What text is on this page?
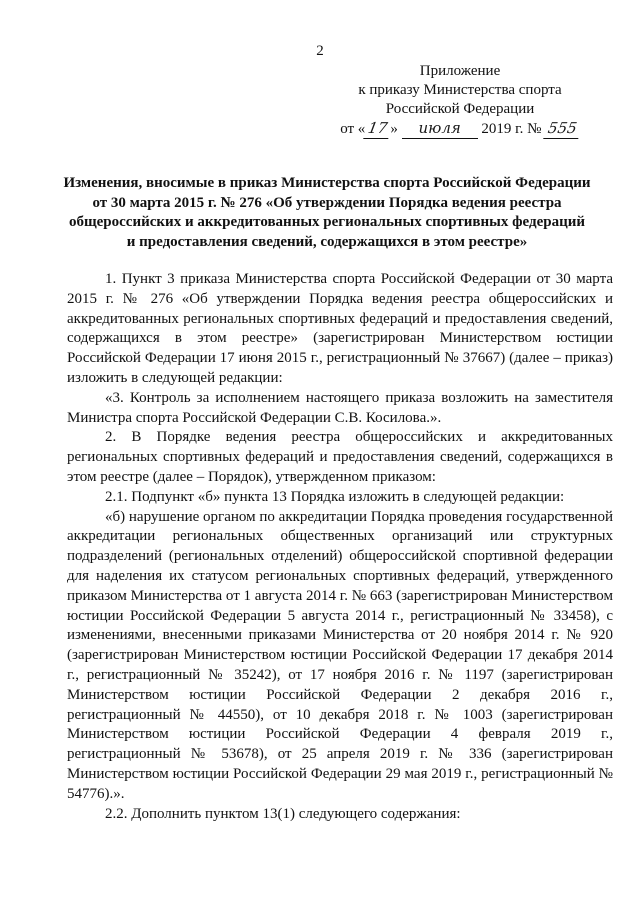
2
Приложение
к приказу Министерства спорта
Российской Федерации
от « 17» июля 2019 г. № 555
Изменения, вносимые в приказ Министерства спорта Российской Федерации
от 30 марта 2015 г. № 276 «Об утверждении Порядка ведения реестра
общероссийских и аккредитованных региональных спортивных федераций
и предоставления сведений, содержащихся в этом реестре»

1. Пункт 3 приказа Министерства спорта Российской Федерации от 30 марта 2015 г. № 276 «Об утверждении Порядка ведения реестра общероссийских и аккредитованных региональных спортивных федераций и предоставления сведений, содержащихся в этом реестре» (зарегистрирован Министерством юстиции Российской Федерации 17 июня 2015 г., регистрационный № 37667) (далее – приказ) изложить в следующей редакции:

«3. Контроль за исполнением настоящего приказа возложить на заместителя Министра спорта Российской Федерации С.В. Косилова.».

2. В Порядке ведения реестра общероссийских и аккредитованных региональных спортивных федераций и предоставления сведений, содержащихся в этом реестре (далее – Порядок), утвержденном приказом:

2.1. Подпункт «б» пункта 13 Порядка изложить в следующей редакции:

«б) нарушение органом по аккредитации Порядка проведения государственной аккредитации региональных общественных организаций или структурных подразделений (региональных отделений) общероссийской спортивной федерации для наделения их статусом региональных спортивных федераций, утвержденного приказом Министерства от 1 августа 2014 г. № 663 (зарегистрирован Министерством юстиции Российской Федерации 5 августа 2014 г., регистрационный № 33458), с изменениями, внесенными приказами Министерства от 20 ноября 2014 г. № 920 (зарегистрирован Министерством юстиции Российской Федерации 17 декабря 2014 г., регистрационный № 35242), от 17 ноября 2016 г. № 1197 (зарегистрирован Министерством юстиции Российской Федерации 2 декабря 2016 г., регистрационный № 44550), от 10 декабря 2018 г. № 1003 (зарегистрирован Министерством юстиции Российской Федерации 4 февраля 2019 г., регистрационный № 53678), от 25 апреля 2019 г. № 336 (зарегистрирован Министерством юстиции Российской Федерации 29 мая 2019 г., регистрационный № 54776).».

2.2. Дополнить пунктом 13(1) следующего содержания:
